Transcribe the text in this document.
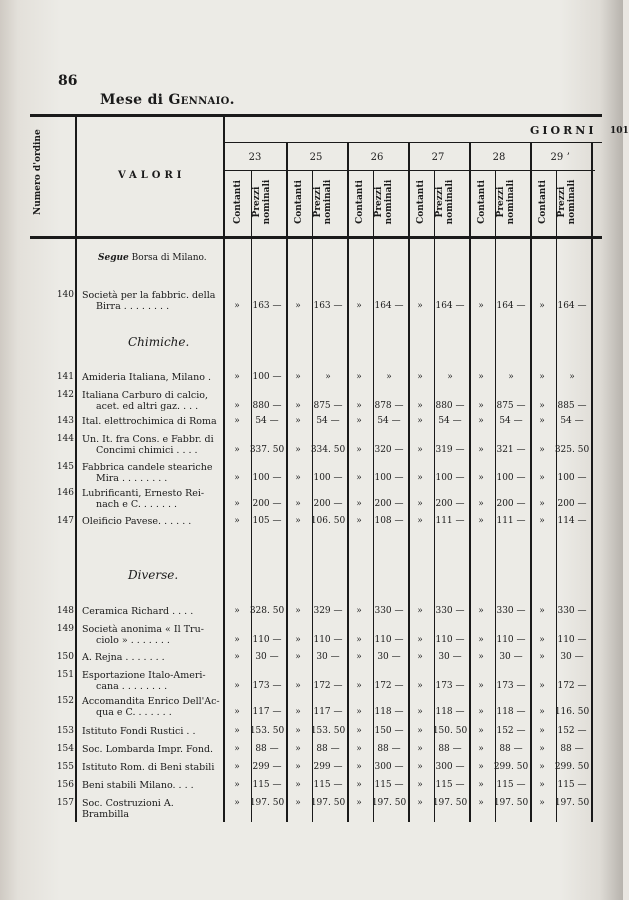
86
Mese di Gennaio.
GIORNI 101
VALORI
Numero d'ordine	23
Contanti Prezzi
nominali
25
Contanti Prezzi
nominali
26
Contanti Prezzi
nominali
27
Contanti Prezzi
nominali
28
Contanti Prezzi
nominali
29 ʼ
Contanti Prezzi
nominali
Segue Borsa di Milano.
Chimiche.
Diverse.
140 Società per la fabbric. della
Birra . . . . . . . .	»	163 —	»	163 —	»	164 —	»	164 —	»	164 —	»	164 —
141 Amideria Italiana, Milano .	»	100 —	»	»	»	»	»	»	»	»	»	»
142 Italiana Carburo di calcio,
acet. ed altri gaz. . . .	»	880 —	»	875 —	»	878 —	»	880 —	»	875 —	»	885 —
143 Ital. elettrochimica di Roma	»	54 —	»	54 —	»	54 —	»	54 —	»	54 —	»	54 —
144 Un. It. fra Cons. e Fabbr. di
Concimi chimici . . . .	»	337. 50	»	334. 50	»	320 —	»	319 —	»	321 —	»	325. 50
145 Fabbrica candele steariche
Mira . . . . . . . .	»	100 —	»	100 —	»	100 —	»	100 —	»	100 —	»	100 —
146 Lubrificanti, Ernesto Rei-
nach e C. . . . . . .	»	200 —	»	200 —	»	200 —	»	200 —	»	200 —	»	200 —
147 Oleificio Pavese. . . . . .	»	105 —	»	106. 50	»	108 —	»	111 —	»	111 —	»	114 —
148 Ceramica Richard . . . .	»	328. 50	»	329 —	»	330 —	»	330 —	»	330 —	»	330 —
149 Società anonima « Il Tru-
ciolo » . . . . . . .	»	110 —	»	110 —	»	110 —	»	110 —	»	110 —	»	110 —
150 A. Rejna . . . . . . .	»	30 —	»	30 —	»	30 —	»	30 —	»	30 —	»	30 —
151 Esportazione Italo-Ameri-
cana . . . . . . . .	»	173 —	»	172 —	»	172 —	»	173 —	»	173 —	»	172 —
152 Accomandita Enrico Dell'Ac-
qua e C. . . . . . .	»	117 —	»	117 —	»	118 —	»	118 —	»	118 —	»	116. 50
153 Istituto Fondi Rustici . .	»	153. 50	»	153. 50	»	150 —	»	150. 50	»	152 —	»	152 —
154 Soc. Lombarda Impr. Fond.	»	88 —	»	88 —	»	88 —	»	88 —	»	88 —	»	88 —
155 Istituto Rom. di Beni stabili	»	299 —	»	299 —	»	300 —	»	300 —	»	299. 50	»	299. 50
156 Beni stabili Milano. . . .	»	115 —	»	115 —	»	115 —	»	115 —	»	115 —	»	115 —
157 Soc. Costruzioni A. Brambilla
»	197. 50	»	197. 50	»	197. 50	»	197. 50	»	197. 50	»	197. 50
